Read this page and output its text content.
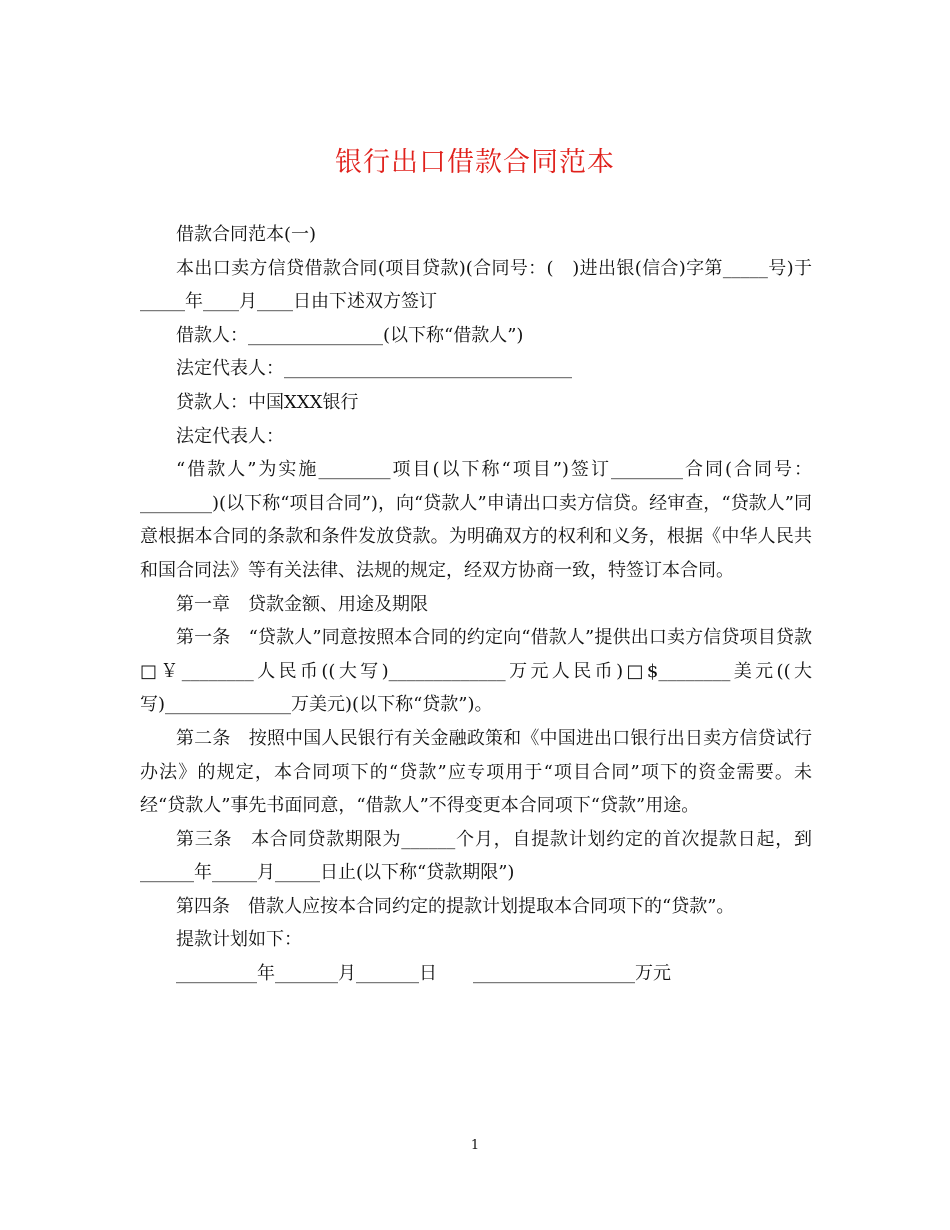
银行出口借款合同范本

借款合同范本(一)

本出口卖方信贷借款合同(项目贷款)(合同号：(　)进出银(信合)字第_____号)于_____年____月____日由下述双方签订

借款人：_______________(以下称“借款人”)

法定代表人：________________________________

贷款人：中国XXX银行

法定代表人：

“借款人”为实施________项目(以下称“项目”)签订________合同(合同号：________)(以下称“项目合同”)，向“贷款人”申请出口卖方信贷。经审查，“贷款人”同意根据本合同的条款和条件发放贷款。为明确双方的权利和义务，根据《中华人民共和国合同法》等有关法律、法规的规定，经双方协商一致，特签订本合同。

第一章　贷款金额、用途及期限

第一条　“贷款人”同意按照本合同的约定向“借款人”提供出口卖方信贷项目贷款□￥________人民币((大写)_____________万元人民币)□$________美元((大写)______________万美元)(以下称“贷款”)。

第二条　按照中国人民银行有关金融政策和《中国进出口银行出日卖方信贷试行办法》的规定，本合同项下的“贷款”应专项用于“项目合同”项下的资金需要。未经“贷款人”事先书面同意，“借款人”不得变更本合同项下“贷款”用途。

第三条　本合同贷款期限为______个月，自提款计划约定的首次提款日起，到______年_____月_____日止(以下称“贷款期限”)

第四条　借款人应按本合同约定的提款计划提取本合同项下的“贷款”。

提款计划如下：

_________年_______月_______日　　__________________万元

1
